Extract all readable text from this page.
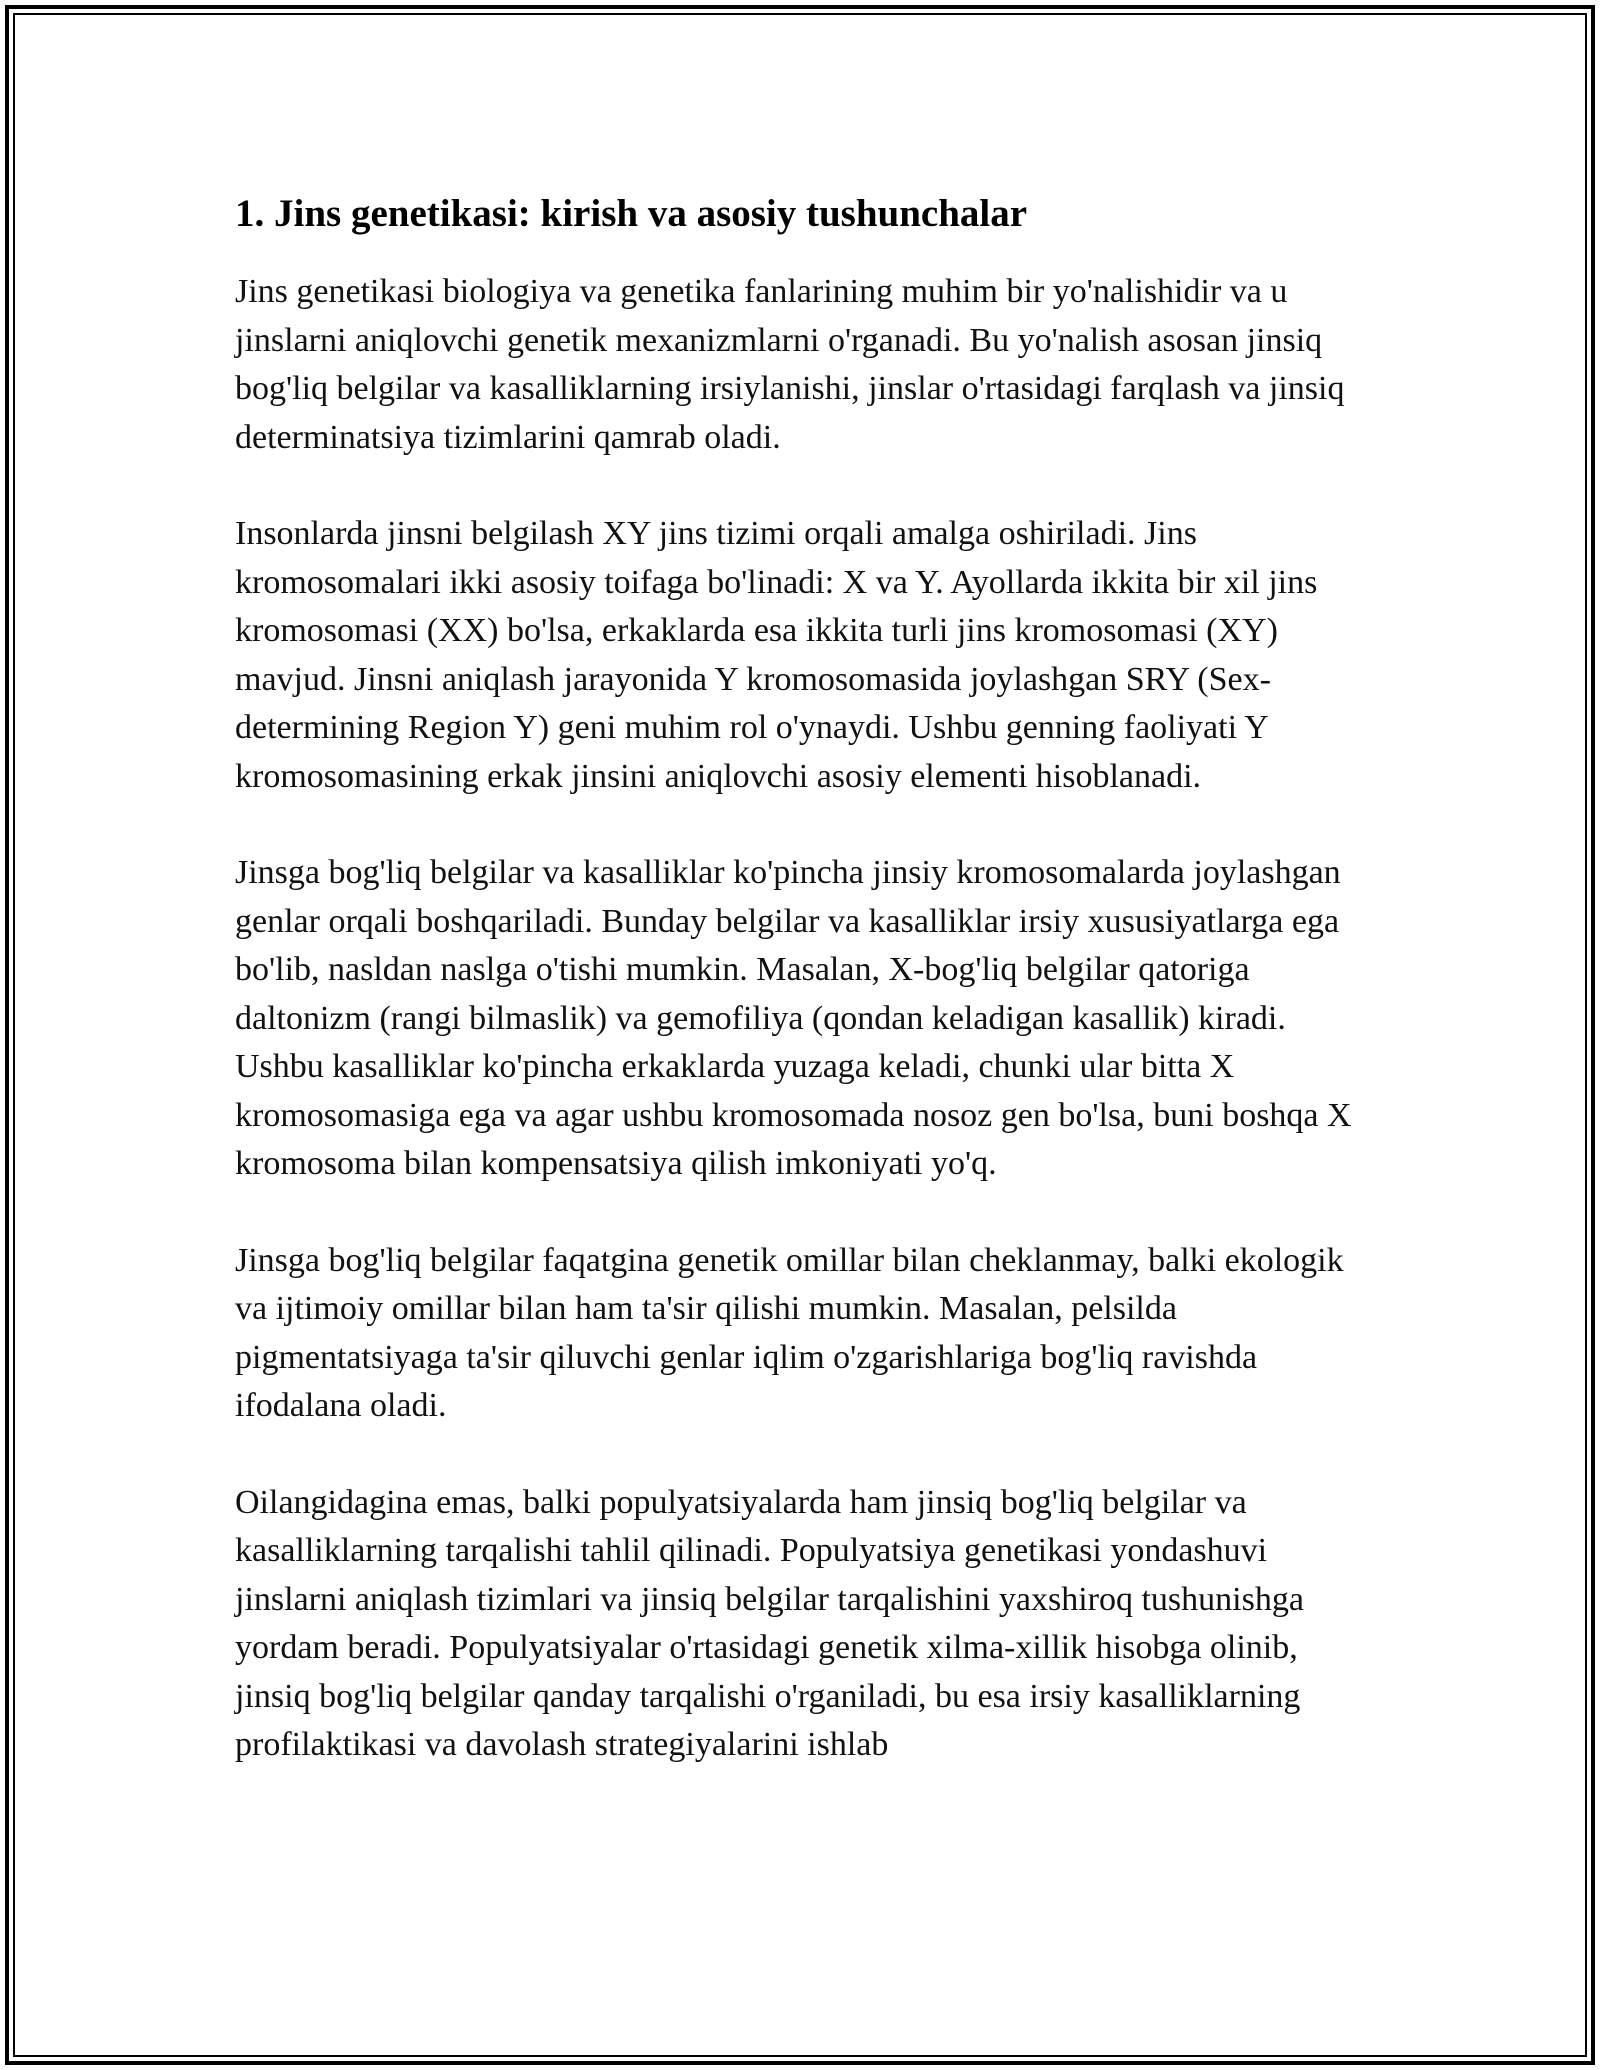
1. Jins genetikasi: kirish va asosiy tushunchalar

Jins genetikasi biologiya va genetika fanlarining muhim bir yo'nalishidir va u jinslarni aniqlovchi genetik mexanizmlarni o'rganadi. Bu yo'nalish asosan jinsiq bog'liq belgilar va kasalliklarning irsiylanishi, jinslar o'rtasidagi farqlash va jinsiq determinatsiya tizimlarini qamrab oladi.

Insonlarda jinsni belgilash XY jins tizimi orqali amalga oshiriladi. Jins kromosomalari ikki asosiy toifaga bo'linadi: X va Y. Ayollarda ikkita bir xil jins kromosomasi (XX) bo'lsa, erkaklarda esa ikkita turli jins kromosomasi (XY) mavjud. Jinsni aniqlash jarayonida Y kromosomasida joylashgan SRY (Sex-determining Region Y) geni muhim rol o'ynaydi. Ushbu genning faoliyati Y kromosomasining erkak jinsini aniqlovchi asosiy elementi hisoblanadi.

Jinsga bog'liq belgilar va kasalliklar ko'pincha jinsiy kromosomalarda joylashgan genlar orqali boshqariladi. Bunday belgilar va kasalliklar irsiy xususiyatlarga ega bo'lib, nasldan naslga o'tishi mumkin. Masalan, X-bog'liq belgilar qatoriga daltonizm (rangi bilmaslik) va gemofiliya (qondan keladigan kasallik) kiradi. Ushbu kasalliklar ko'pincha erkaklarda yuzaga keladi, chunki ular bitta X kromosomasiga ega va agar ushbu kromosomada nosoz gen bo'lsa, buni boshqa X kromosoma bilan kompensatsiya qilish imkoniyati yo'q.

Jinsga bog'liq belgilar faqatgina genetik omillar bilan cheklanmay, balki ekologik va ijtimoiy omillar bilan ham ta'sir qilishi mumkin. Masalan, pelsilda pigmentatsiyaga ta'sir qiluvchi genlar iqlim o'zgarishlariga bog'liq ravishda ifodalana oladi.

Oilangidagina emas, balki populyatsiyalarda ham jinsiq bog'liq belgilar va kasalliklarning tarqalishi tahlil qilinadi. Populyatsiya genetikasi yondashuvi jinslarni aniqlash tizimlari va jinsiq belgilar tarqalishini yaxshiroq tushunishga yordam beradi. Populyatsiyalar o'rtasidagi genetik xilma-xillik hisobga olinib, jinsiq bog'liq belgilar qanday tarqalishi o'rganiladi, bu esa irsiy kasalliklarning profilaktikasi va davolash strategiyalarini ishlab
